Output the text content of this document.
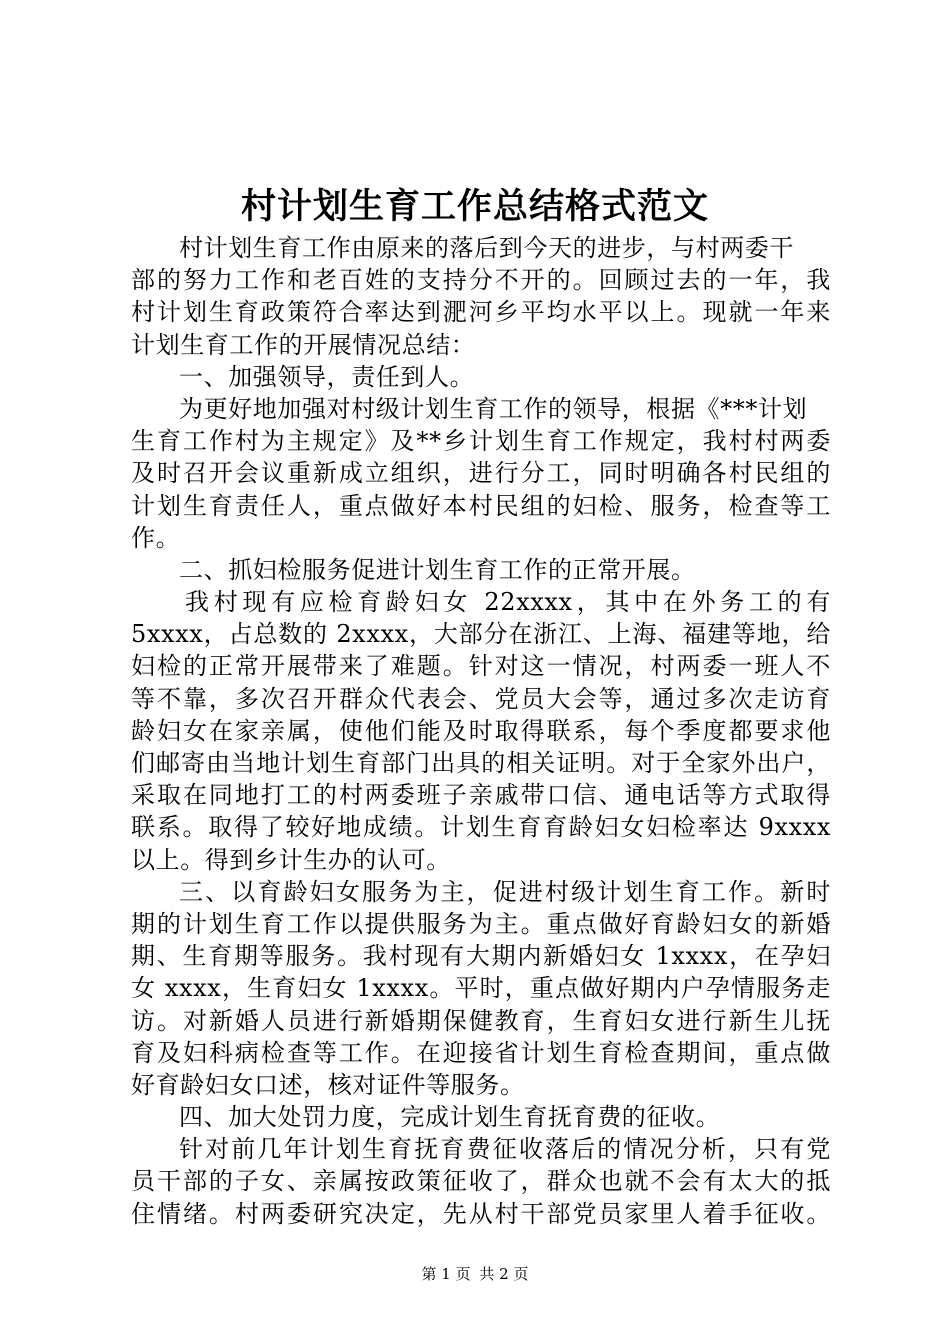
村计划生育工作总结格式范文
村计划生育工作由原来的落后到今天的进步，与村两委干
部的努力工作和老百姓的支持分不开的。回顾过去的一年，我
村计划生育政策符合率达到淝河乡平均水平以上。现就一年来
计划生育工作的开展情况总结：
一、加强领导，责任到人。
为更好地加强对村级计划生育工作的领导，根据《***计划
生育工作村为主规定》及**乡计划生育工作规定，我村村两委
及时召开会议重新成立组织，进行分工，同时明确各村民组的
计划生育责任人，重点做好本村民组的妇检、服务，检查等工
作。
二、抓妇检服务促进计划生育工作的正常开展。
我村现有应检育龄妇女 22xxxx，其中在外务工的有
5xxxx，占总数的 2xxxx，大部分在浙江、上海、福建等地，给
妇检的正常开展带来了难题。针对这一情况，村两委一班人不
等不靠，多次召开群众代表会、党员大会等，通过多次走访育
龄妇女在家亲属，使他们能及时取得联系，每个季度都要求他
们邮寄由当地计划生育部门出具的相关证明。对于全家外出户，
采取在同地打工的村两委班子亲戚带口信、通电话等方式取得
联系。取得了较好地成绩。计划生育育龄妇女妇检率达 9xxxx
以上。得到乡计生办的认可。
三、以育龄妇女服务为主，促进村级计划生育工作。新时
期的计划生育工作以提供服务为主。重点做好育龄妇女的新婚
期、生育期等服务。我村现有大期内新婚妇女 1xxxx，在孕妇
女 xxxx，生育妇女 1xxxx。平时，重点做好期内户孕情服务走
访。对新婚人员进行新婚期保健教育，生育妇女进行新生儿抚
育及妇科病检查等工作。在迎接省计划生育检查期间，重点做
好育龄妇女口述，核对证件等服务。
四、加大处罚力度，完成计划生育抚育费的征收。
针对前几年计划生育抚育费征收落后的情况分析，只有党
员干部的子女、亲属按政策征收了，群众也就不会有太大的抵
住情绪。村两委研究决定，先从村干部党员家里人着手征收。
第 1 页 共 2 页
